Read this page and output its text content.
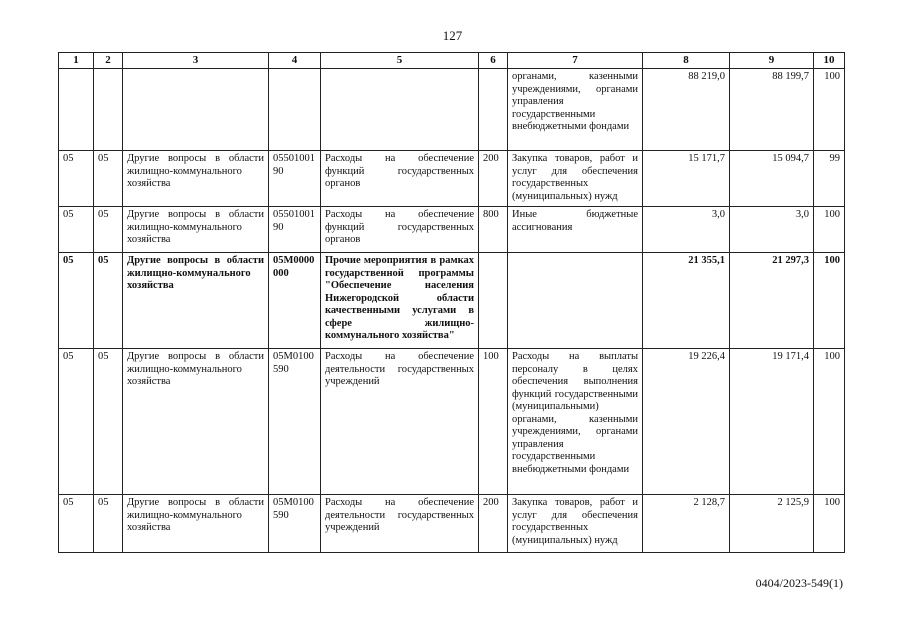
127
1	2	3	4	5	6	7	8	9	10
						органами, казенными учреждениями, органами управления государственными внебюджетными фондами	88 219,0	88 199,7	100
05	05	Другие вопросы в области жилищно-коммунального хозяйства	0550100190	Расходы на обеспечение функций государственных органов	200	Закупка товаров, работ и услуг для обеспечения государственных (муниципальных) нужд	15 171,7	15 094,7	99
05	05	Другие вопросы в области жилищно-коммунального хозяйства	0550100190	Расходы на обеспечение функций государственных органов	800	Иные бюджетные ассигнования	3,0	3,0	100
05	05	Другие вопросы в области жилищно-коммунального хозяйства	05М0000000	Прочие мероприятия в рамках государственной программы "Обеспечение населения Нижегородской области качественными услугами в сфере жилищно-коммунального хозяйства"			21 355,1	21 297,3	100
05	05	Другие вопросы в области жилищно-коммунального хозяйства	05М0100590	Расходы на обеспечение деятельности государственных учреждений	100	Расходы на выплаты персоналу в целях обеспечения выполнения функций государственными (муниципальными) органами, казенными учреждениями, органами управления государственными внебюджетными фондами	19 226,4	19 171,4	100
05	05	Другие вопросы в области жилищно-коммунального хозяйства	05М0100590	Расходы на обеспечение деятельности государственных учреждений	200	Закупка товаров, работ и услуг для обеспечения государственных (муниципальных) нужд	2 128,7	2 125,9	100
0404/2023-549(1)
